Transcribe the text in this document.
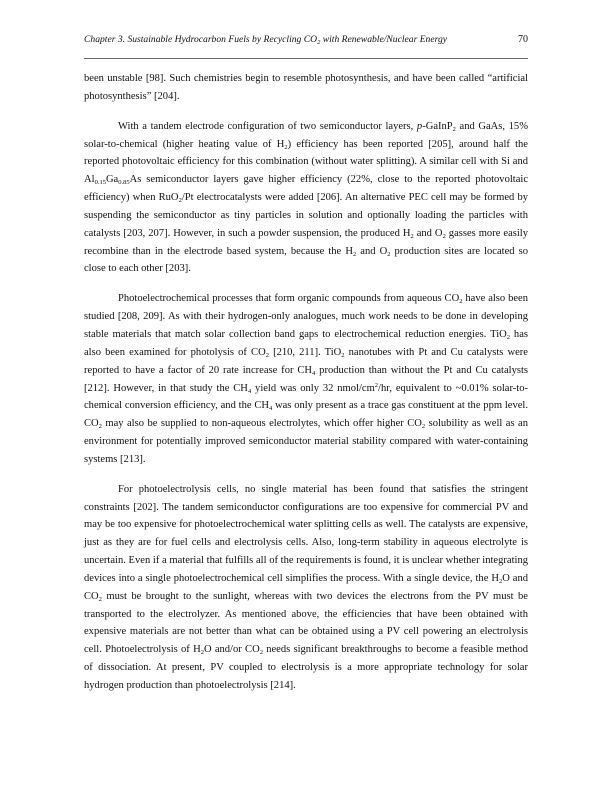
Chapter 3. Sustainable Hydrocarbon Fuels by Recycling $CO_2$ with Renewable/Nuclear Energy	70

been unstable [98]. Such chemistries begin to resemble photosynthesis, and have been called “artificial photosynthesis” [204].

With a tandem electrode configuration of two semiconductor layers, p-GaInP$_2$ and GaAs, 15% solar-to-chemical (higher heating value of $H_2$) efficiency has been reported [205], around half the reported photovoltaic efficiency for this combination (without water splitting). A similar cell with Si and $Al_{0.15}Ga_{0.85}As$ semiconductor layers gave higher efficiency (22%, close to the reported photovoltaic efficiency) when RuO$_2$/Pt electrocatalysts were added [206]. An alternative PEC cell may be formed by suspending the semiconductor as tiny particles in solution and optionally loading the particles with catalysts [203, 207]. However, in such a powder suspension, the produced $H_2$ and $O_2$ gasses more easily recombine than in the electrode based system, because the $H_2$ and $O_2$ production sites are located so close to each other [203].

Photoelectrochemical processes that form organic compounds from aqueous $CO_2$ have also been studied [208, 209]. As with their hydrogen-only analogues, much work needs to be done in developing stable materials that match solar collection band gaps to electrochemical reduction energies. TiO$_2$ has also been examined for photolysis of $CO_2$ [210, 211]. TiO$_2$ nanotubes with Pt and Cu catalysts were reported to have a factor of 20 rate increase for $CH_4$ production than without the Pt and Cu catalysts [212]. However, in that study the $CH_4$ yield was only 32 nmol/$cm^2/hr$, equivalent to ~0.01% solar-to-chemical conversion efficiency, and the $CH_4$ was only present as a trace gas constituent at the ppm level. $CO_2$ may also be supplied to non-aqueous electrolytes, which offer higher $CO_2$ solubility as well as an environment for potentially improved semiconductor material stability compared with water-containing systems [213].

For photoelectrolysis cells, no single material has been found that satisfies the stringent constraints [202]. The tandem semiconductor configurations are too expensive for commercial PV and may be too expensive for photoelectrochemical water splitting cells as well. The catalysts are expensive, just as they are for fuel cells and electrolysis cells. Also, long-term stability in aqueous electrolyte is uncertain. Even if a material that fulfills all of the requirements is found, it is unclear whether integrating devices into a single photoelectrochemical cell simplifies the process. With a single device, the $H_2O$ and $CO_2$ must be brought to the sunlight, whereas with two devices the electrons from the PV must be transported to the electrolyzer. As mentioned above, the efficiencies that have been obtained with expensive materials are not better than what can be obtained using a PV cell powering an electrolysis cell. Photoelectrolysis of $H_2O$ and/or $CO_2$ needs significant breakthroughs to become a feasible method of dissociation. At present, PV coupled to electrolysis is a more appropriate technology for solar hydrogen production than photoelectrolysis [214].
